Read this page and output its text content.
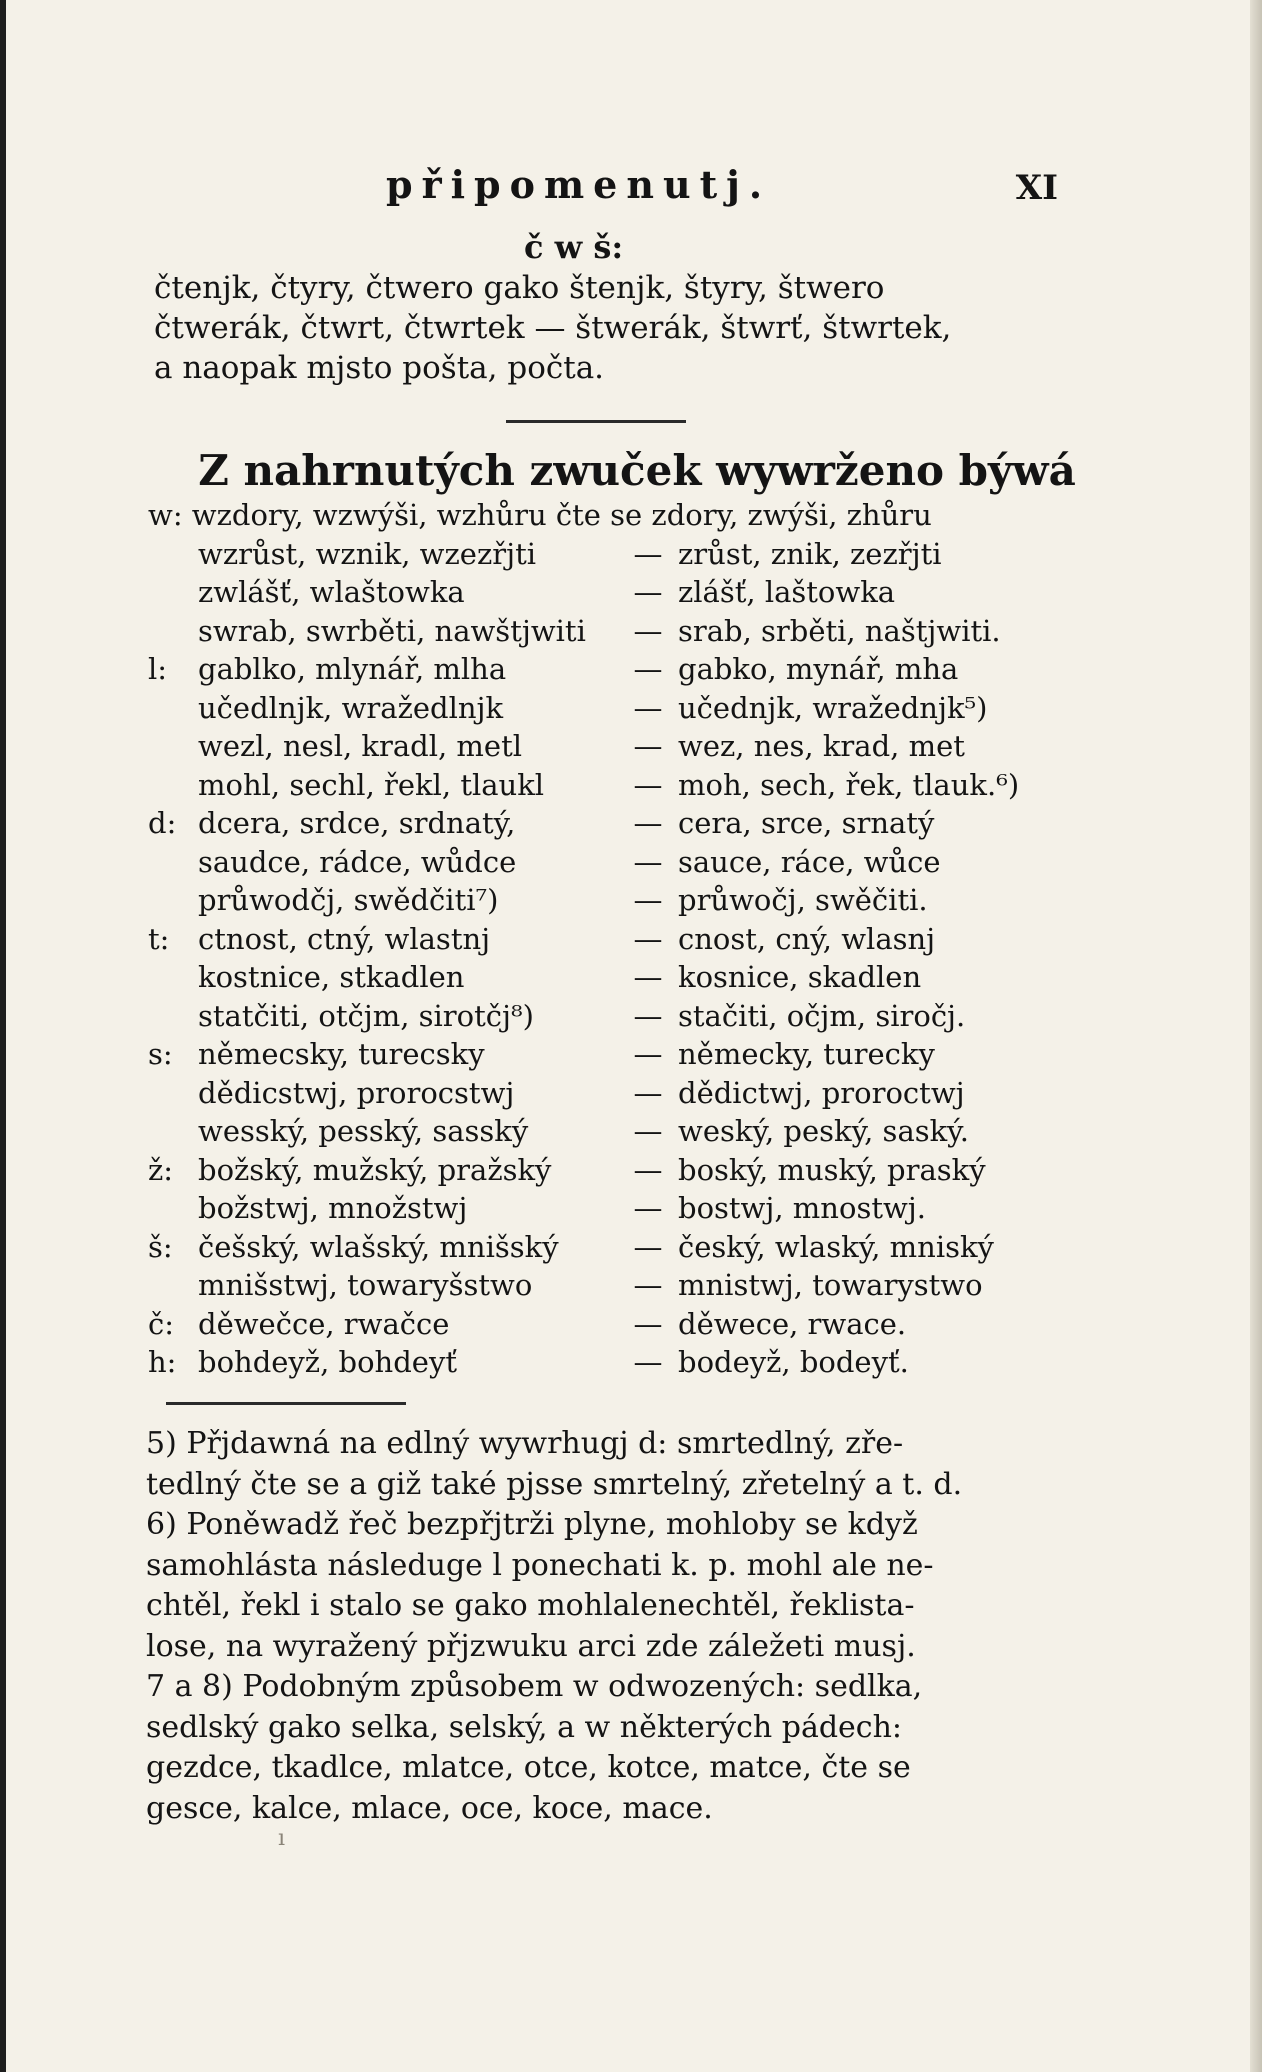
připomenutj.	XI
č w š:

čtenjk, čtyry, čtwero gako štenjk, štyry, štwero

čtwerák, čtwrt, čtwrtek — štwerák, štwrť, štwrtek,

a naopak mjsto pošta, počta.

Z nahrnutých zwuček wywrženo býwá
w: wzdory, wzwýši, wzhůru čte se zdory, zwýši, zhůru
wzrůst, wznik, wzezřjti	— zrůst, znik, zezřjti
zwlášť, wlaštowka	— zlášť, laštowka
swrab, swrběti, nawštjwiti	— srab, srběti, naštjwiti.
l:	gablko, mlynář, mlha	— gabko, mynář, mha
učedlnjk, wražedlnjk	— učednjk, wražednjk⁵)
wezl, nesl, kradl, metl	— wez, nes, krad, met
mohl, sechl, řekl, tlaukl	— moh, sech, řek, tlauk.⁶)
d: dcera, srdce, srdnatý,	— cera, srce, srnatý
saudce, rádce, wůdce	— sauce, ráce, wůce
průwodčj, swědčiti⁷)	— průwočj, swěčiti.
t: ctnost, ctný, wlastnj	— cnost, cný, wlasnj
kostnice, stkadlen	— kosnice, skadlen
statčiti, otčjm, sirotčj⁸)	— stačiti, očjm, siročj.
s: němecsky, turecsky	— německy, turecky
dědicstwj, prorocstwj	— dědictwj, proroctwj
wesský, pesský, sasský	— weský, peský, saský.
ž: božský, mužský, pražský	— boský, muský, praský
božstwj, množstwj	— bostwj, mnostwj.
š: češský, wlašský, mnišský	— český, wlaský, mniský
mnišstwj, towaryšstwo	— mnistwj, towarystwo
č: děwečce, rwačce	— děwece, rwace.
h: bohdeyž, bohdeyť	— bodeyž, bodeyť.

5) Přjdawná na edlný wywrhugj d: smrtedlný, zře-

tedlný čte se a giž také pjsse smrtelný, zřetelný a t. d.

6) Poněwadž řeč bezpřjtrži plyne, mohloby se když

samohlásta následuge l ponechati k. p. mohl ale ne-

chtěl, řekl i stalo se gako mohlalenechtěl, řeklista-

lose, na wyražený přjzwuku arci zde záležeti musj.

7 a 8) Podobným způsobem w odwozených: sedlka,

sedlský gako selka, selský, a w některých pádech:

gezdce, tkadlce, mlatce, otce, kotce, matce, čte se

gesce, kalce, mlace, oce, koce, mace.

ı
